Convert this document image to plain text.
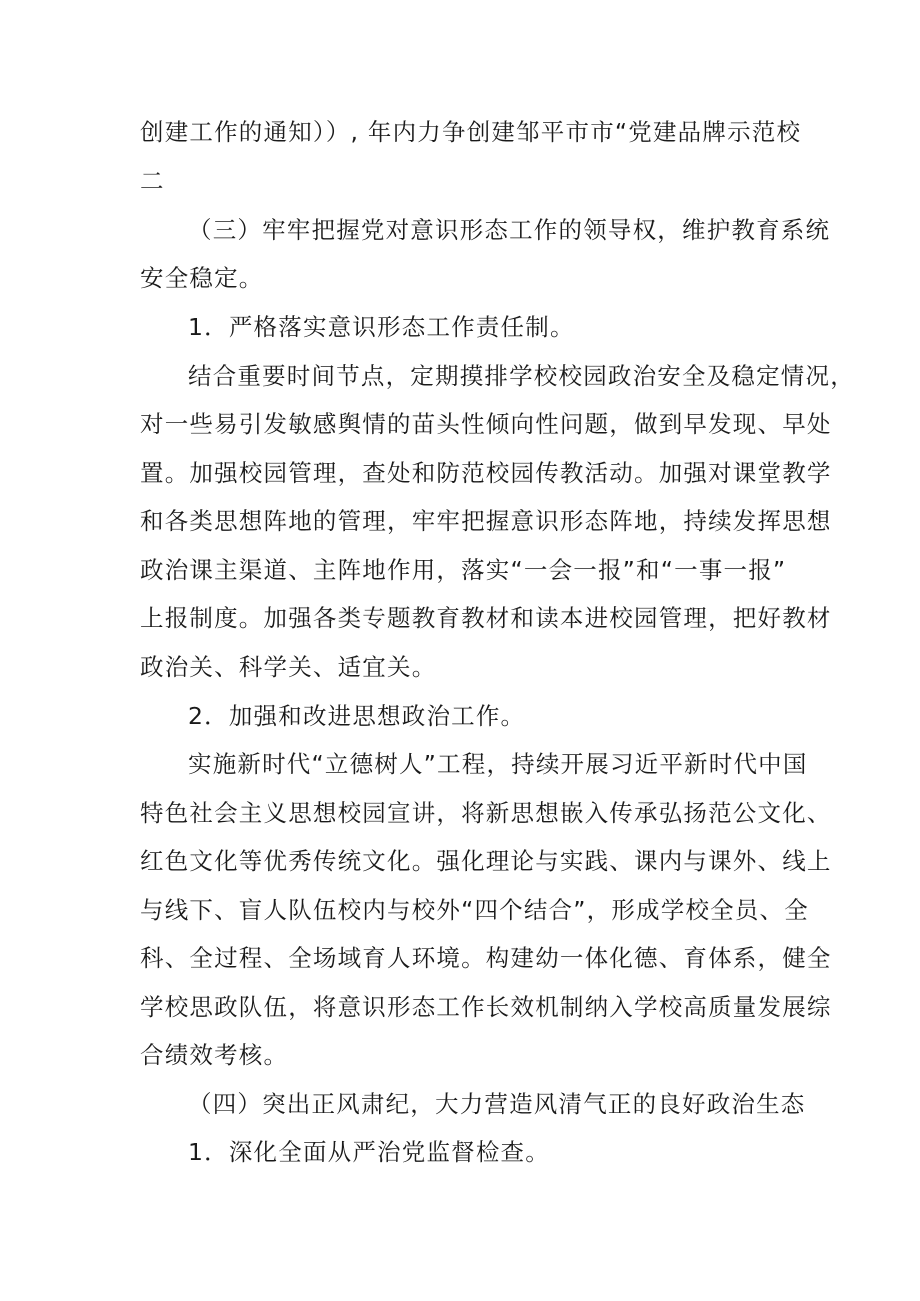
创建工作的通知））, 年内力争创建邹平市市“党建品牌示范校
二
（三）牢牢把握党对意识形态工作的领导权，维护教育系统
安全稳定。
1．严格落实意识形态工作责任制。
结合重要时间节点，定期摸排学校校园政治安全及稳定情况，
对一些易引发敏感舆情的苗头性倾向性问题，做到早发现、早处
置。加强校园管理，查处和防范校园传教活动。加强对课堂教学
和各类思想阵地的管理，牢牢把握意识形态阵地，持续发挥思想
政治课主渠道、主阵地作用，落实“一会一报”和“一事一报”
上报制度。加强各类专题教育教材和读本进校园管理，把好教材
政治关、科学关、适宜关。
2．加强和改进思想政治工作。
实施新时代“立德树人”工程，持续开展习近平新时代中国
特色社会主义思想校园宣讲，将新思想嵌入传承弘扬范公文化、
红色文化等优秀传统文化。强化理论与实践、课内与课外、线上
与线下、盲人队伍校内与校外“四个结合”，形成学校全员、全
科、全过程、全场域育人环境。构建幼一体化德、育体系，健全
学校思政队伍，将意识形态工作长效机制纳入学校高质量发展综
合绩效考核。
（四）突出正风肃纪，大力营造风清气正的良好政治生态
1．深化全面从严治党监督检查。
